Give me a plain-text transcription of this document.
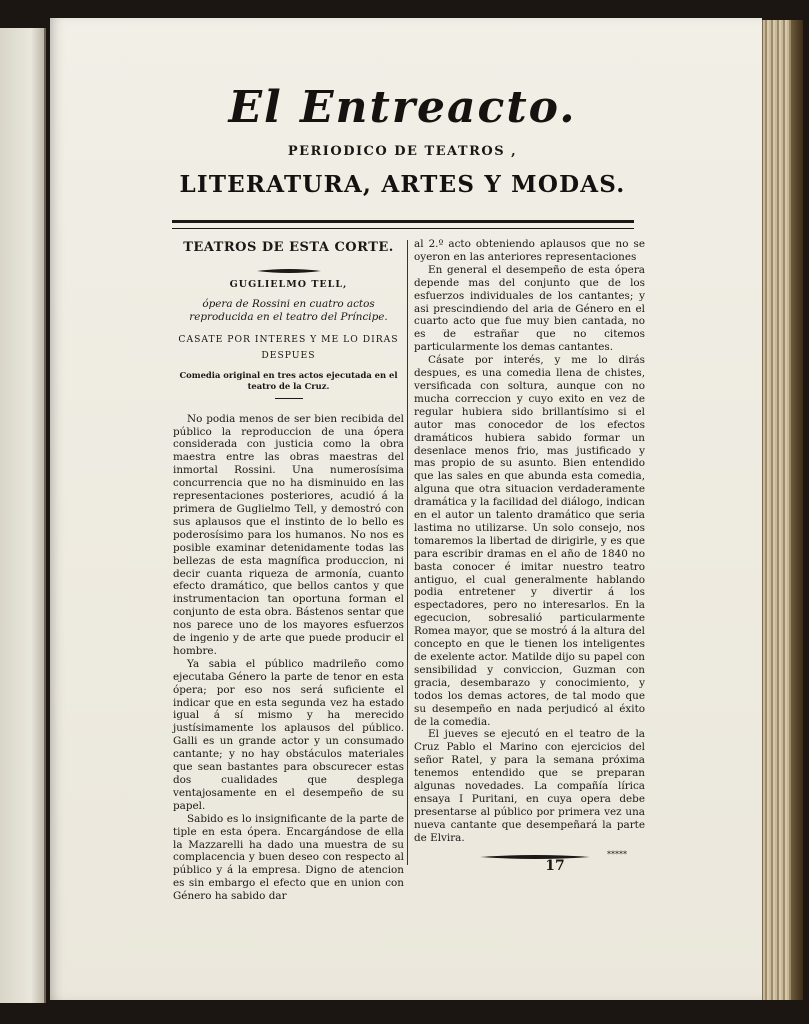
El Entreacto.
PERIODICO DE TEATROS ,
LITERATURA, ARTES Y MODAS.
TEATROS DE ESTA CORTE.
GUGLIELMO TELL,
ópera de Rossini en cuatro actos reproducida en el teatro del Príncipe.
CASATE POR INTERES Y ME LO DIRAS DESPUES
Comedia original en tres actos ejecutada en el teatro de la Cruz.

No podia menos de ser bien recibida del público la reproduccion de una ópera considerada con justicia como la obra maestra entre las obras maestras del inmortal Rossini. Una numerosísima concurrencia que no ha disminuido en las representaciones posteriores, acudió á la primera de Guglielmo Tell, y demostró con sus aplausos que el instinto de lo bello es poderosísimo para los humanos. No nos es posible examinar detenidamente todas las bellezas de esta magnífica produccion, ni decir cuanta riqueza de armonía, cuanto efecto dramático, que bellos cantos y que instrumentacion tan oportuna forman el conjunto de esta obra. Bástenos sentar que nos parece uno de los mayores esfuerzos de ingenio y de arte que puede producir el hombre.

Ya sabia el público madrileño como ejecutaba Género la parte de tenor en esta ópera; por eso nos será suficiente el indicar que en esta segunda vez ha estado igual á sí mismo y ha merecido justísimamente los aplausos del público. Galli es un grande actor y un consumado cantante; y no hay obstáculos materiales que sean bastantes para obscurecer estas dos cualidades que desplega ventajosamente en el desempeño de su papel.

Sabido es lo insignificante de la parte de tiple en esta ópera. Encargándose de ella la Mazzarelli ha dado una muestra de su complacencia y buen deseo con respecto al público y á la empresa. Digno de atencion es sin embargo el efecto que en union con Género ha sabido dar

al 2.º acto obteniendo aplausos que no se oyeron en las anteriores representaciones

En general el desempeño de esta ópera depende mas del conjunto que de los esfuerzos individuales de los cantantes; y asi prescindiendo del aria de Género en el cuarto acto que fue muy bien cantada, no es de estrañar que no citemos particularmente los demas cantantes.

Cásate por interés, y me lo dirás despues, es una comedia llena de chistes, versificada con soltura, aunque con no mucha correccion y cuyo exito en vez de regular hubiera sido brillantísimo si el autor mas conocedor de los efectos dramáticos hubiera sabido formar un desenlace menos frio, mas justificado y mas propio de su asunto. Bien entendido que las sales en que abunda esta comedia, alguna que otra situacion verdaderamente dramática y la facilidad del diálogo, indican en el autor un talento dramático que seria lastima no utilizarse. Un solo consejo, nos tomaremos la libertad de dirigirle, y es que para escribir dramas en el año de 1840 no basta conocer é imitar nuestro teatro antiguo, el cual generalmente hablando podia entretener y divertir á los espectadores, pero no interesarlos. En la egecucion, sobresalió particularmente Romea mayor, que se mostró á la altura del concepto en que le tienen los inteligentes de exelente actor. Matilde dijo su papel con sensibilidad y conviccion, Guzman con gracia, desembarazo y conocimiento, y todos los demas actores, de tal modo que su desempeño en nada perjudicó al éxito de la comedia.

El jueves se ejecutó en el teatro de la Cruz Pablo el Marino con ejercicios del señor Ratel, y para la semana próxima tenemos entendido que se preparan algunas novedades. La compañía lírica ensaya I Puritani, en cuya opera debe presentarse al público por primera vez una nueva cantante que desempeñará la parte de Elvira.

*****
17
